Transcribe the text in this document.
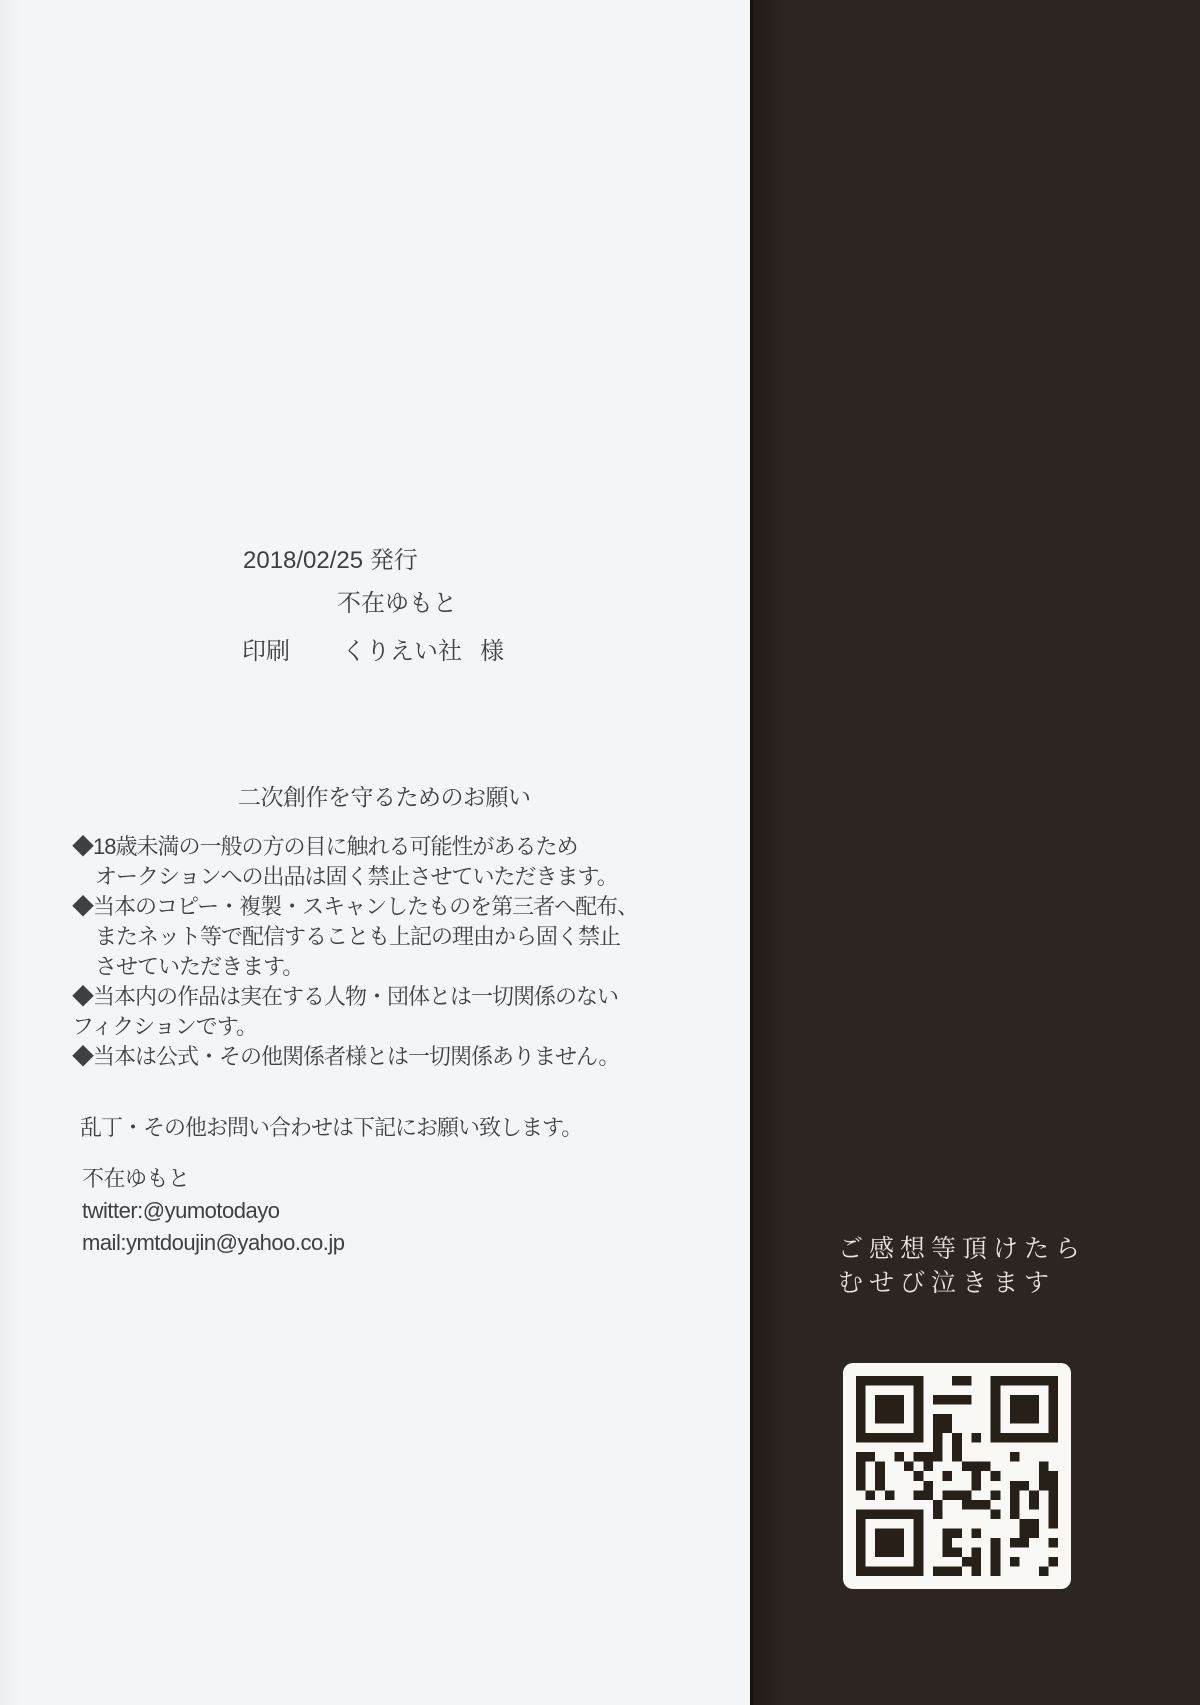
2018/02/25 発行
不在ゆもと
印刷 くりえい社 様
二次創作を守るためのお願い
◆18歳未満の一般の方の目に触れる可能性があるため
オークションへの出品は固く禁止させていただきます。
◆当本のコピー・複製・スキャンしたものを第三者へ配布、
またネット等で配信することも上記の理由から固く禁止
させていただきます。
◆当本内の作品は実在する人物・団体とは一切関係のない
フィクションです。
◆当本は公式・その他関係者様とは一切関係ありません。
乱丁・その他お問い合わせは下記にお願い致します。
不在ゆもと
twitter:@yumotodayo
mail:ymtdoujin@yahoo.co.jp	ご感想等頂けたら
むせび泣きます
